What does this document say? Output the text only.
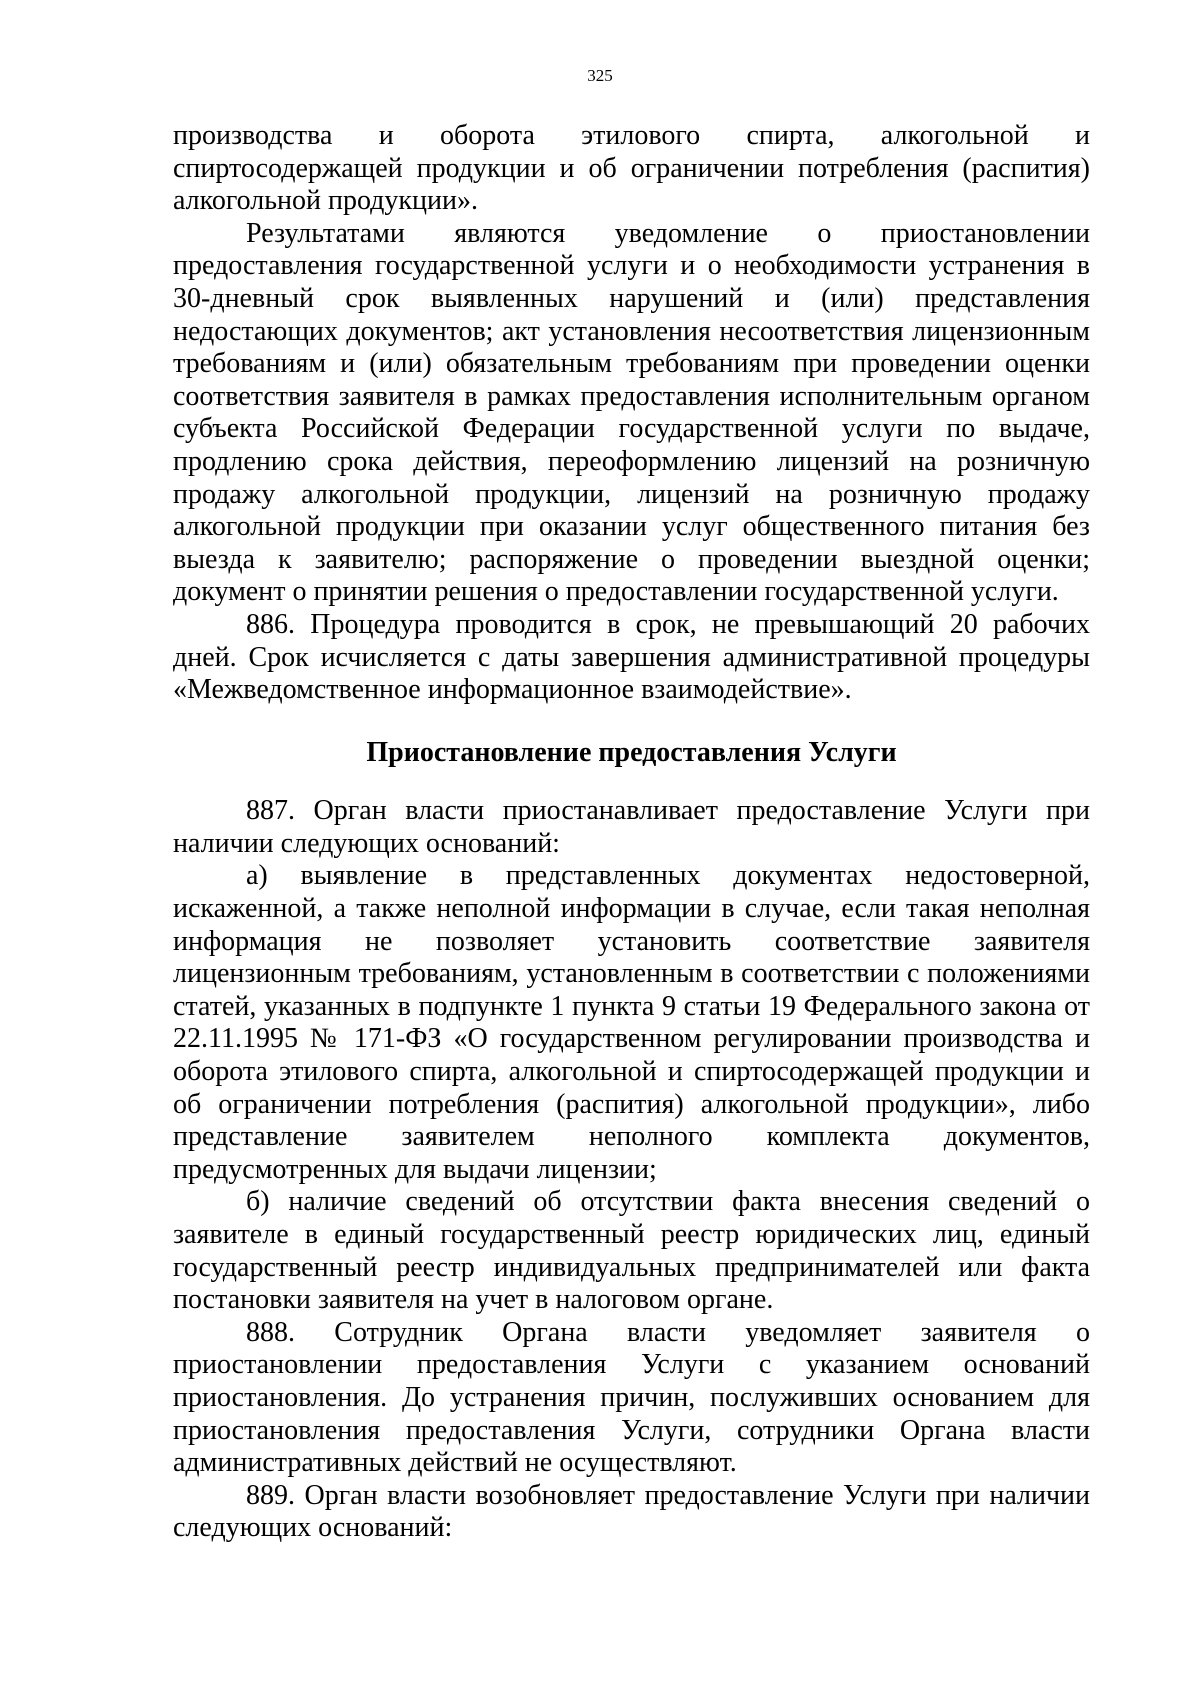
325

производства и оборота этилового спирта, алкогольной и спиртосодержащей продукции и об ограничении потребления (распития) алкогольной продукции».

Результатами являются уведомление о приостановлении предоставления государственной услуги и о необходимости устранения в 30-дневный срок выявленных нарушений и (или) представления недостающих документов; акт установления несоответствия лицензионным требованиям и (или) обязательным требованиям при проведении оценки соответствия заявителя в рамках предоставления исполнительным органом субъекта Российской Федерации государственной услуги по выдаче, продлению срока действия, переоформлению лицензий на розничную продажу алкогольной продукции, лицензий на розничную продажу алкогольной продукции при оказании услуг общественного питания без выезда к заявителю; распоряжение о проведении выездной оценки; документ о принятии решения о предоставлении государственной услуги.

886. Процедура проводится в срок, не превышающий 20 рабочих дней. Срок исчисляется с даты завершения административной процедуры «Межведомственное информационное взаимодействие».

Приостановление предоставления Услуги

887. Орган власти приостанавливает предоставление Услуги при наличии следующих оснований:

а) выявление в представленных документах недостоверной, искаженной, а также неполной информации в случае, если такая неполная информация не позволяет установить соответствие заявителя лицензионным требованиям, установленным в соответствии с положениями статей, указанных в подпункте 1 пункта 9 статьи 19 Федерального закона от 22.11.1995 № 171-ФЗ «О государственном регулировании производства и оборота этилового спирта, алкогольной и спиртосодержащей продукции и об ограничении потребления (распития) алкогольной продукции», либо представление заявителем неполного комплекта документов, предусмотренных для выдачи лицензии;

б) наличие сведений об отсутствии факта внесения сведений о заявителе в единый государственный реестр юридических лиц, единый государственный реестр индивидуальных предпринимателей или факта постановки заявителя на учет в налоговом органе.

888. Сотрудник Органа власти уведомляет заявителя о приостановлении предоставления Услуги с указанием оснований приостановления. До устранения причин, послуживших основанием для приостановления предоставления Услуги, сотрудники Органа власти административных действий не осуществляют.

889. Орган власти возобновляет предоставление Услуги при наличии следующих оснований:
